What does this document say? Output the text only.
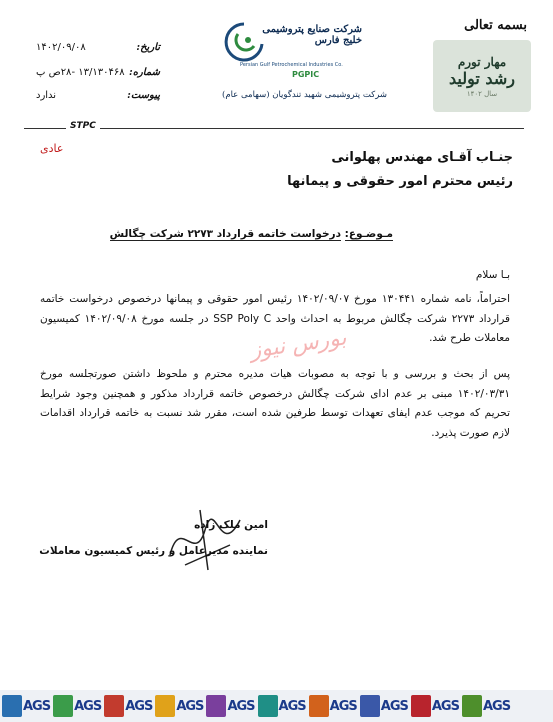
بسمه تعالی
مهار تورم
رشد تولید
سال ۱۴۰۲
شرکت صنایع پتروشیمی خلیج فارس
Persian Gulf Petrochemical Industries Co.
PGPIC
شرکت پتروشیمی شهید تندگویان (سهامی عام)
تاریخ:
۱۴۰۲/۰۹/۰۸
شماره:
۱۳/۱۳۰۴۶۸ -۲۸ص پ
پیوست:
ندارد
STPC
عادی
جنـاب آقـای مهندس پهلوانی
رئیس محترم امور حقوقی و پیمانها
مـوضـوع: درخواست خاتمه قرارداد ۲۲۷۳ شرکت چگالش
بـا سلام
احتراماً، نامه شماره ۱۳۰۴۴۱ مورخ ۱۴۰۲/۰۹/۰۷ رئیس امور حقوقی و پیمانها درخصوص درخواست خاتمه قرارداد ۲۲۷۳ شرکت چگالش مربوط به احداث واحد SSP Poly C در جلسه مورخ ۱۴۰۲/۰۹/۰۸ کمیسیون معاملات طرح شد.
پس از بحث و بررسی و با توجه به مصوبات هیات مدیره محترم و ملحوظ داشتن صورتجلسه مورخ ۱۴۰۲/۰۳/۳۱ مبنی بر عدم ادای شرکت چگالش درخصوص خاتمه قرارداد مذکور و همچنین وجود شرایط تحریم که موجب عدم ایفای تعهدات توسط طرفین شده است، مقرر شد نسبت به خاتمه قرارداد اقدامات لازم صورت پذیرد.
بورس نیوز
امین ملک زاده
نماینده مدیرعامل و رئیس کمیسیون معاملات
AGS AGS AGS AGS AGS AGS AGS AGS AGS AGS
